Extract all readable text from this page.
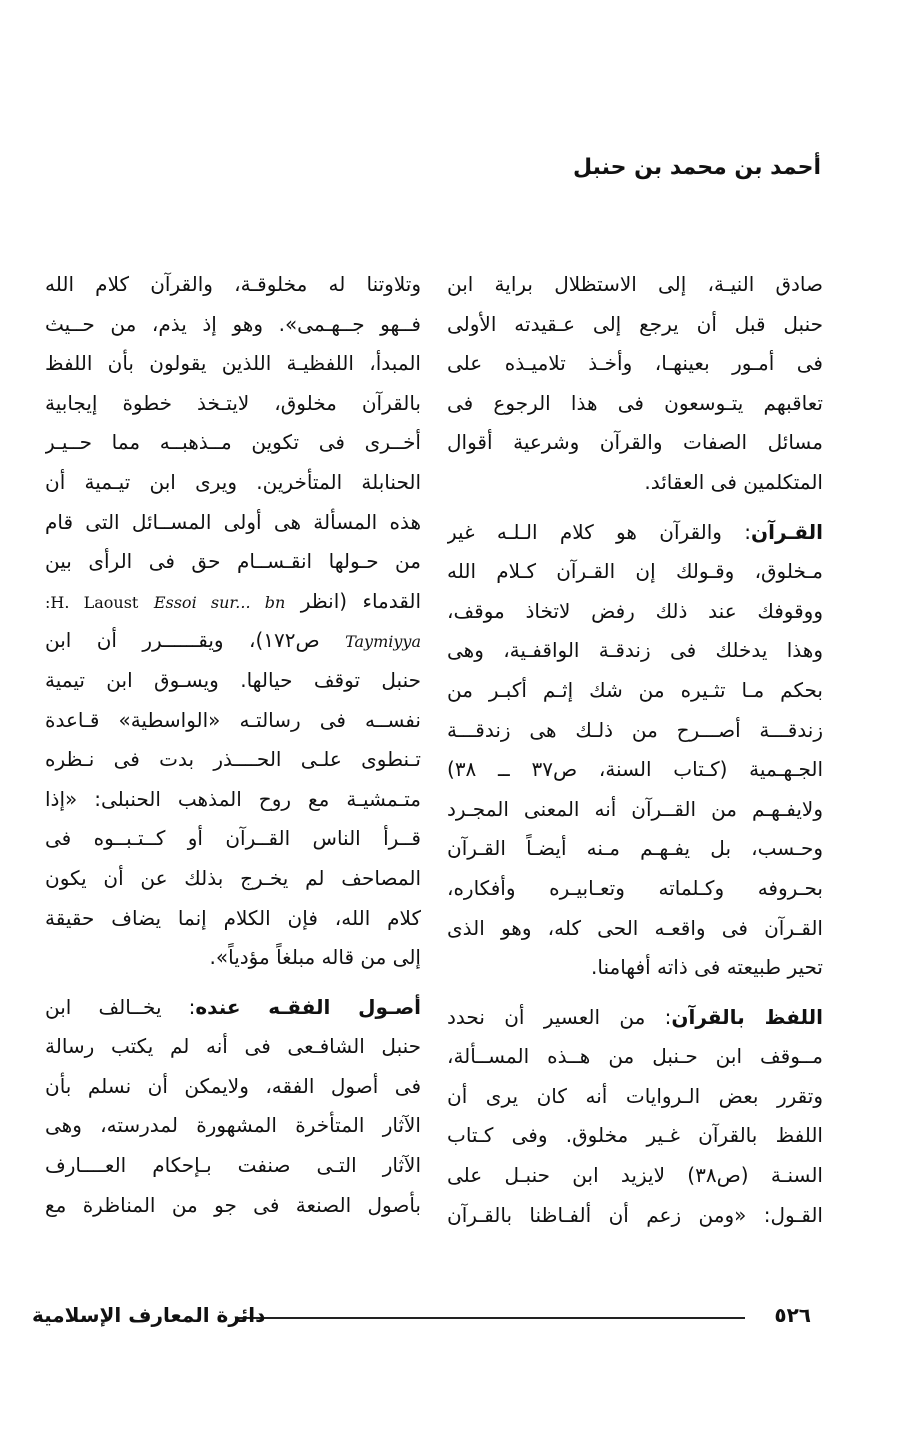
أحمد بن محمد بن حنبل
صادق النيـة، إلى الاستظلال براية ابن
حنبل قبل أن يرجع إلى عـقيدته الأولى
فى أمـور بعينهـا، وأخـذ تلاميـذه على
تعاقبهم يتـوسعون فى هذا الرجوع فى
مسائل الصفات والقرآن وشرعية أقوال
المتكلمين فى العقائد.
القـرآن: والقرآن هو كلام الـلـه غير
مـخلوق، وقـولك إن القـرآن كـلام الله
ووقوفك عند ذلك رفض لاتخاذ موقف،
وهذا يدخلك فى زندقـة الواقفـية، وهى
بحكم مـا تثـيره من شك إثـم أكبـر من
زندقـــة أصـــرح من ذلـك هى زندقـــة
الجـهـمية (كـتاب السنة، ص٣٧ ــ ٣٨)
ولايفـهـم من القــرآن أنه المعنى المجـرد
وحـسب، بل يفـهـم مـنه أيضـاً القـرآن
بحـروفه وكـلماته وتعـابيـره وأفكاره،
القـرآن فى واقعـه الحى كله، وهو الذى
تحير طبيعته فى ذاته أفهامنا.
اللفظ بالقرآن: من العسير أن نحدد
مــوقف ابن حـنبل من هــذه المســألة،
وتقرر بعض الـروايات أنه كان يرى أن
اللفظ بالقرآن غـير مخلوق. وفى كـتاب
السنـة (ص٣٨) لايزيد ابن حنبـل على
القـول: «ومن زعم أن ألفـاظنا بالقـرآن
وتلاوتنا له مخلوقـة، والقرآن كلام الله
فــهو جــهـمى». وهو إذ يذم، من حــيث
المبدأ، اللفظيـة اللذين يقولون بأن اللفظ
بالقرآن مخلوق، لايتـخذ خطوة إيجابية
أخــرى فى تكوين مــذهبــه مما حــيـر
الحنابلة المتأخرين. ويرى ابن تيـمية أن
هذه المسألة هى أولى المســائل التى قام
من حـولها انقـســام حق فى الرأى بين
القدماء (انظر :H. Laoust Essoi sur... bn
Taymiyya ص١٧٢)، ويقــــــرر أن ابن
حنبل توقف حيالها. ويسـوق ابن تيمية
نفســه فى رسالتـه «الواسطية» قـاعدة
تـنطوى علـى الحــــذر بدت فى نـظره
متـمشيـة مع روح المذهب الحنبلى: «إذا
قــرأ الناس القــرآن أو كــتـبــوه فى
المصاحف لم يخـرج بذلك عن أن يكون
كلام الله، فإن الكلام إنما يضاف حقيقة
إلى من قاله مبلغاً مؤدياً».
أصـول الفقـه عنده: يخــالف ابن
حنبل الشافـعى فى أنه لم يكتب رسالة
فى أصول الفقه، ولايمكن أن نسلم بأن
الآثار المتأخرة المشهورة لمدرسته، وهى
الآثار التـى صنفت بـإحكام العــــارف
بأصول الصنعة فى جو من المناظرة مع
٥٢٦
دائرة المعارف الإسلامية
